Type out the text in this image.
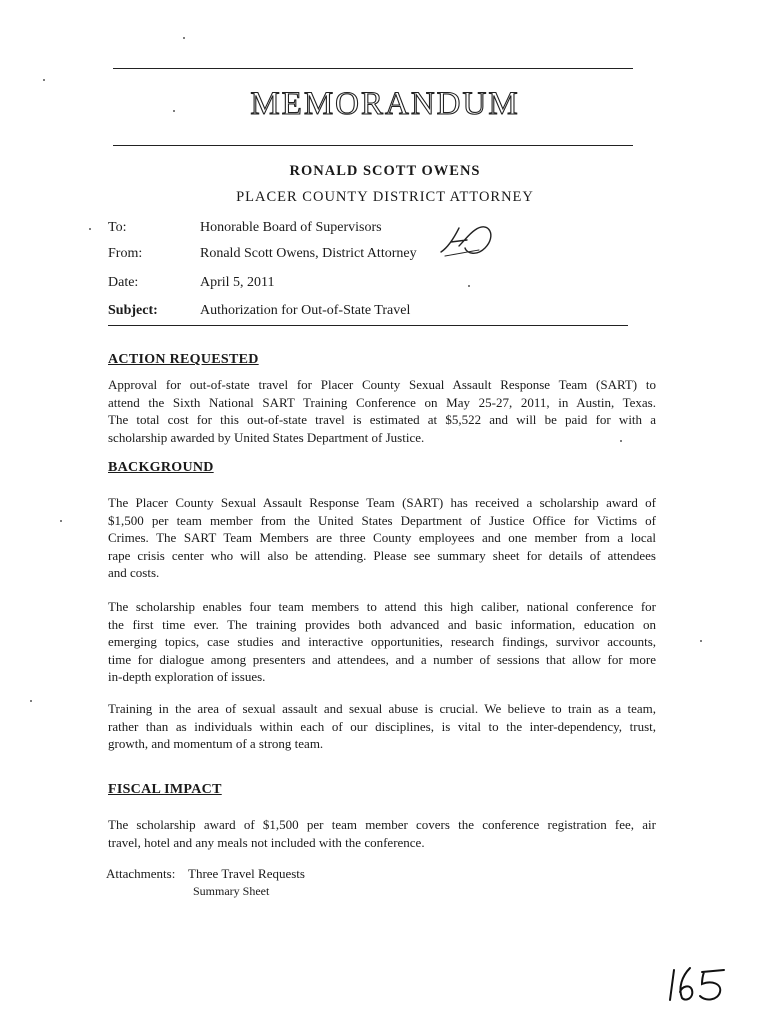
MEMORANDUM
RONALD SCOTT OWENS
PLACER COUNTY DISTRICT ATTORNEY
To:	Honorable Board of Supervisors
From:	Ronald Scott Owens, District Attorney
Date:	April 5, 2011
Subject:	Authorization for Out-of-State Travel
ACTION REQUESTED
Approval for out-of-state travel for Placer County Sexual Assault Response Team (SART) to
attend the Sixth National SART Training Conference on May 25-27, 2011, in Austin, Texas.
The total cost for this out-of-state travel is estimated at $5,522 and will be paid for with a
scholarship awarded by United States Department of Justice.
BACKGROUND
The Placer County Sexual Assault Response Team (SART) has received a scholarship award of
$1,500 per team member from the United States Department of Justice Office for Victims of
Crimes. The SART Team Members are three County employees and one member from a local
rape crisis center who will also be attending. Please see summary sheet for details of attendees
and costs.
The scholarship enables four team members to attend this high caliber, national conference for
the first time ever. The training provides both advanced and basic information, education on
emerging topics, case studies and interactive opportunities, research findings, survivor accounts,
time for dialogue among presenters and attendees, and a number of sessions that allow for more
in-depth exploration of issues.
Training in the area of sexual assault and sexual abuse is crucial. We believe to train as a team,
rather than as individuals within each of our disciplines, is vital to the inter-dependency, trust,
growth, and momentum of a strong team.
FISCAL IMPACT
The scholarship award of $1,500 per team member covers the conference registration fee, air
travel, hotel and any meals not included with the conference.
Attachments: Three Travel Requests
Summary Sheet
